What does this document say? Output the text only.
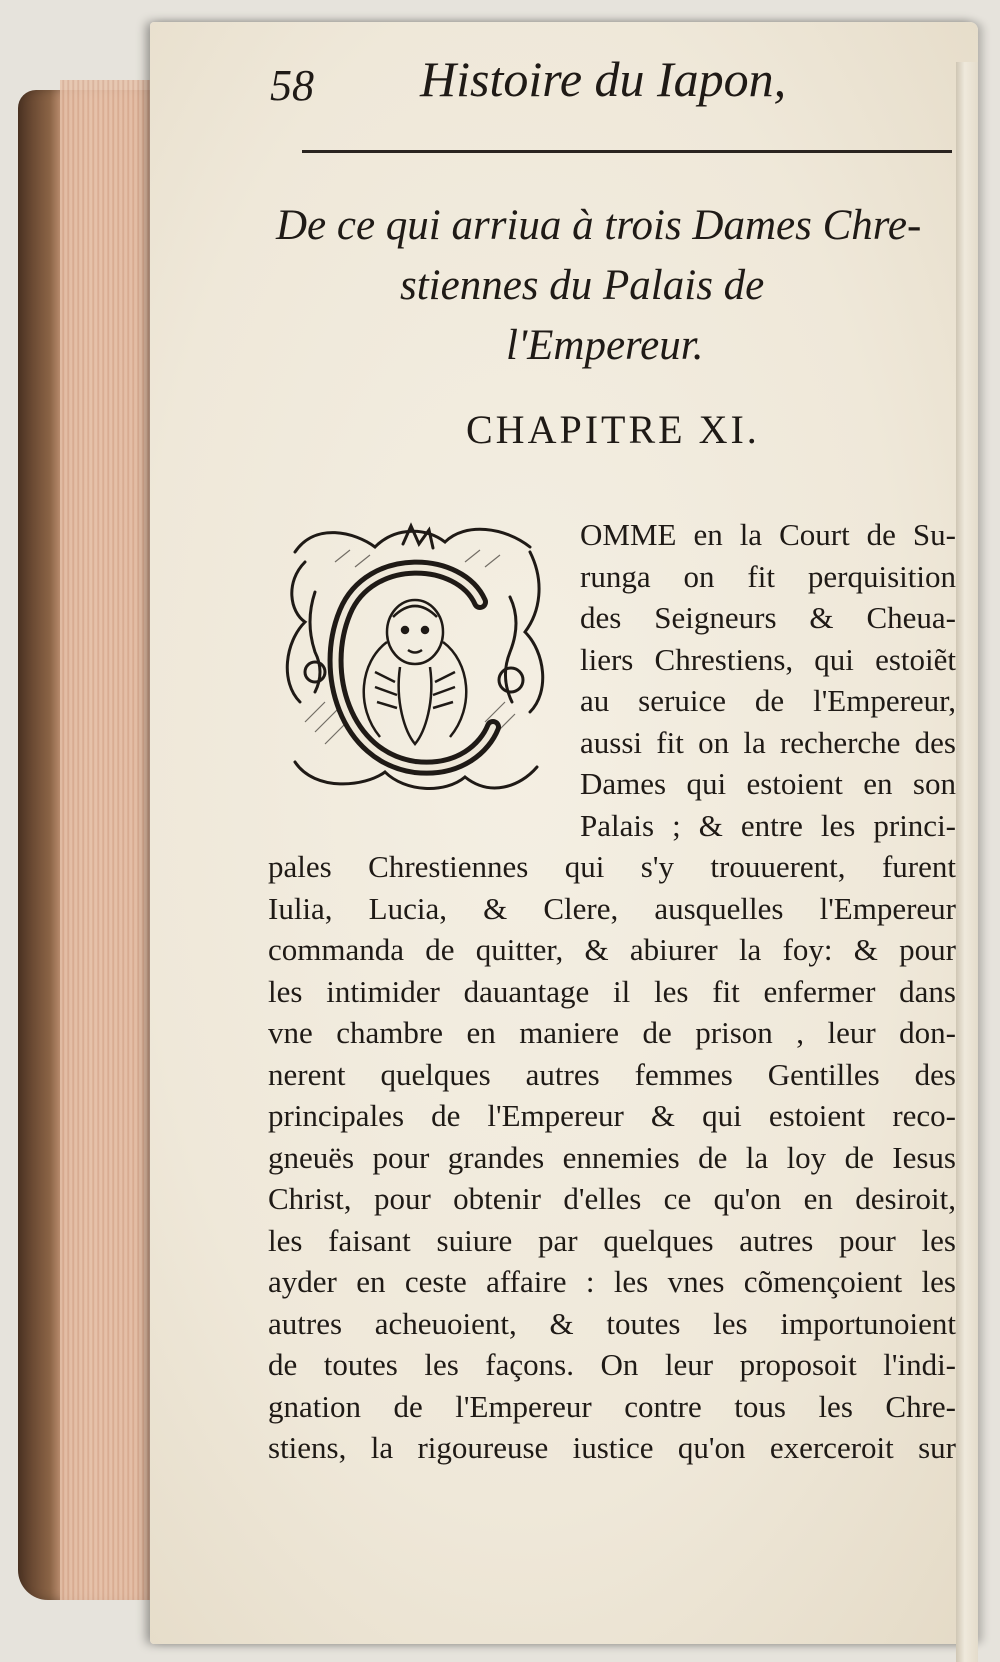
58 Histoire du Iapon,
De ce qui arriua à trois Dames Chre-
stiennes du Palais de
l'Empereur.
CHAPITRE XI.
OMME en la Court de Su-
runga on fit perquisition
des Seigneurs & Cheua-
liers Chrestiens, qui estoiẽt
au seruice de l'Empereur,
aussi fit on la recherche des
Dames qui estoient en son
Palais ; & entre les princi-
pales Chrestiennes qui s'y trouuerent, furent
Iulia, Lucia, & Clere, ausquelles l'Empereur
commanda de quitter, & abiurer la foy: & pour
les intimider dauantage il les fit enfermer dans
vne chambre en maniere de prison , leur don-
nerent quelques autres femmes Gentilles des
principales de l'Empereur & qui estoient reco-
gneuës pour grandes ennemies de la loy de Iesus
Christ, pour obtenir d'elles ce qu'on en desiroit,
les faisant suiure par quelques autres pour les
ayder en ceste affaire : les vnes cõmençoient les
autres acheuoient, & toutes les importunoient
de toutes les façons. On leur proposoit l'indi-
gnation de l'Empereur contre tous les Chre-
stiens, la rigoureuse iustice qu'on exerceroit sur
